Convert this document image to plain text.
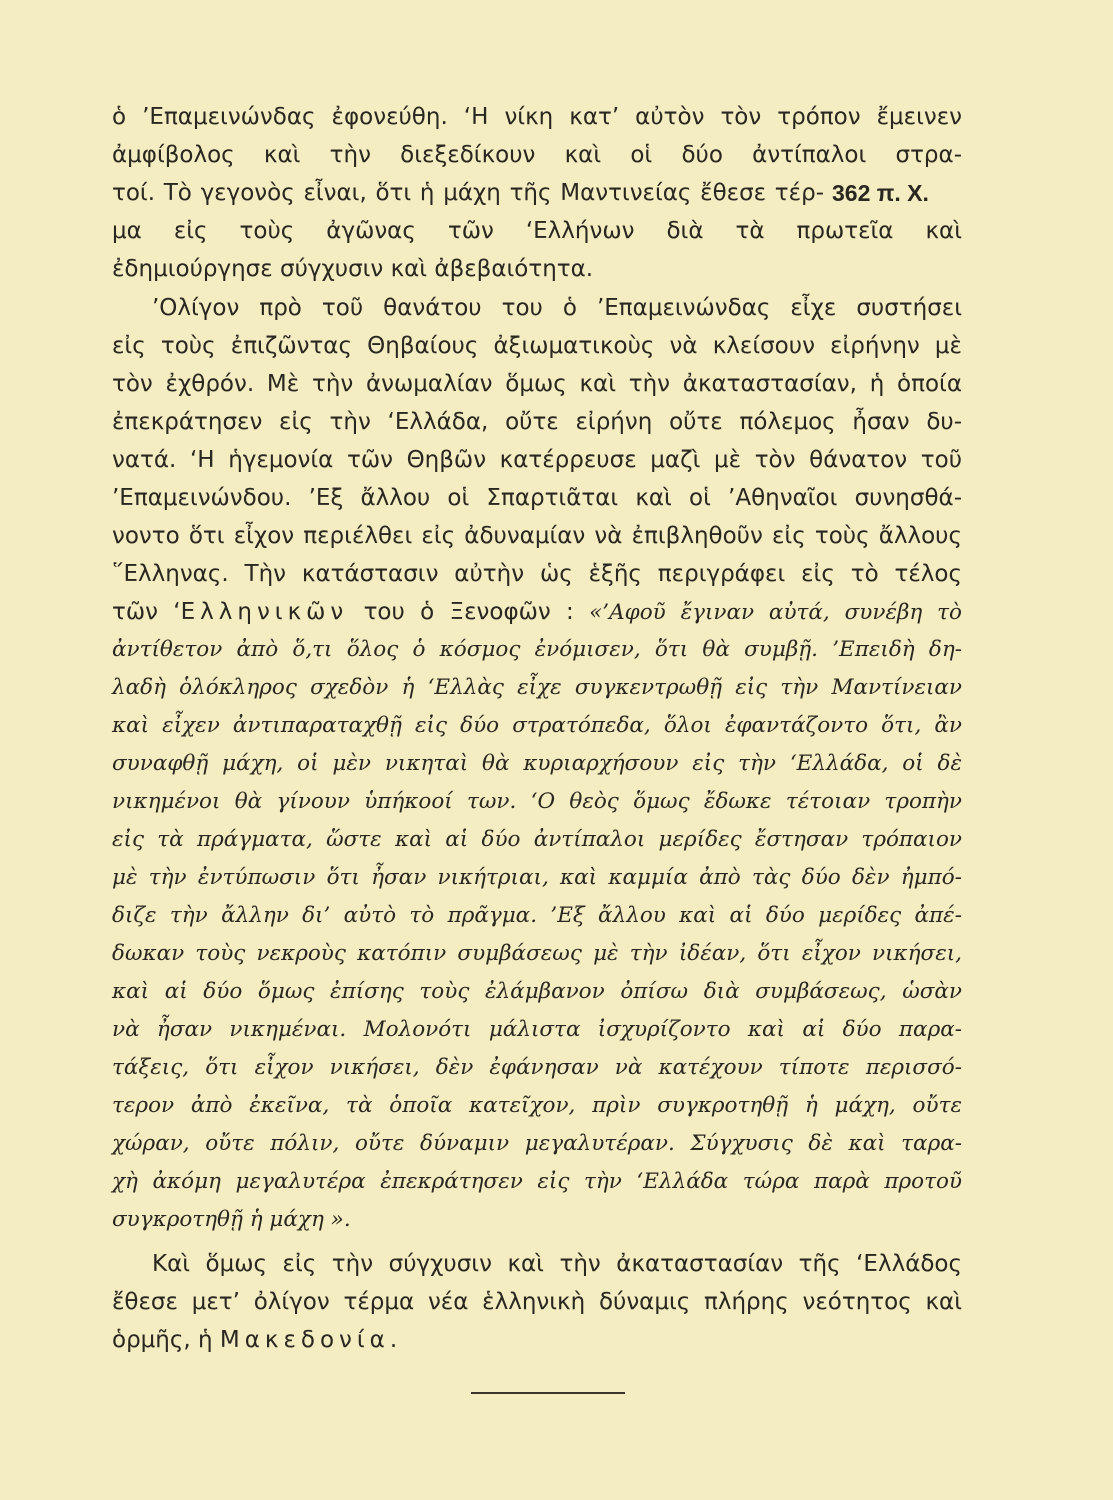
ὁ ’Επαμεινώνδας ἐφονεύθη. ‘Η νίκη κατ’ αὐτὸν τὸν τρόπον ἔμεινεν
ἀμφίβολος καὶ τὴν διεξεδίκουν καὶ οἱ δύο ἀντίπαλοι στρα-
τοί. Τὸ γεγονὸς εἶναι, ὅτι ἡ μάχη τῆς Μαντινείας ἔθεσε τέρ- 362 π. Χ.
μα εἰς τοὺς ἀγῶνας τῶν ‘Ελλήνων διὰ τὰ πρωτεῖα καὶ
ἐδημιούργησε σύγχυσιν καὶ ἀβεβαιότητα.
’Ολίγον πρὸ τοῦ θανάτου του ὁ ’Επαμεινώνδας εἶχε συστήσει
εἰς τοὺς ἐπιζῶντας Θηβαίους ἀξιωματικοὺς νὰ κλείσουν εἰρήνην μὲ
τὸν ἐχθρόν. Μὲ τὴν ἀνωμαλίαν ὅμως καὶ τὴν ἀκαταστασίαν, ἡ ὁποία
ἐπεκράτησεν εἰς τὴν ‘Ελλάδα, οὔτε εἰρήνη οὔτε πόλεμος ἦσαν δυ-
νατά. ‘Η ἡγεμονία τῶν Θηβῶν κατέρρευσε μαζὶ μὲ τὸν θάνατον τοῦ
’Επαμεινώνδου. ’Εξ ἄλλου οἱ Σπαρτιᾶται καὶ οἱ ’Αθηναῖοι συνησθά-
νοντο ὅτι εἶχον περιέλθει εἰς ἀδυναμίαν νὰ ἐπιβληθοῦν εἰς τοὺς ἄλλους
῞Ελληνας. Τὴν κατάστασιν αὐτὴν ὡς ἑξῆς περιγράφει εἰς τὸ τέλος
τῶν ‘Ελληνικῶν του ὁ Ξενοφῶν : «’Αφοῦ ἔγιναν αὐτά, συνέβη τὸ
ἀντίθετον ἀπὸ ὅ,τι ὅλος ὁ κόσμος ἐνόμισεν, ὅτι θὰ συμβῇ. ’Επειδὴ δη-
λαδὴ ὁλόκληρος σχεδὸν ἡ ‘Ελλὰς εἶχε συγκεντρωθῇ εἰς τὴν Μαντίνειαν
καὶ εἶχεν ἀντιπαραταχθῇ εἰς δύο στρατόπεδα, ὅλοι ἐφαντάζοντο ὅτι, ἂν
συναφθῇ μάχη, οἱ μὲν νικηταὶ θὰ κυριαρχήσουν εἰς τὴν ‘Ελλάδα, οἱ δὲ
νικημένοι θὰ γίνουν ὑπήκοοί των. ‘Ο θεὸς ὅμως ἔδωκε τέτοιαν τροπὴν
εἰς τὰ πράγματα, ὥστε καὶ αἱ δύο ἀντίπαλοι μερίδες ἔστησαν τρόπαιον
μὲ τὴν ἐντύπωσιν ὅτι ἦσαν νικήτριαι, καὶ καμμία ἀπὸ τὰς δύο δὲν ἠμπό-
διζε τὴν ἄλλην δι’ αὐτὸ τὸ πρᾶγμα. ’Εξ ἄλλου καὶ αἱ δύο μερίδες ἀπέ-
δωκαν τοὺς νεκροὺς κατόπιν συμβάσεως μὲ τὴν ἰδέαν, ὅτι εἶχον νικήσει,
καὶ αἱ δύο ὅμως ἐπίσης τοὺς ἐλάμβανον ὀπίσω διὰ συμβάσεως, ὡσὰν
νὰ ἦσαν νικημέναι. Μολονότι μάλιστα ἰσχυρίζοντο καὶ αἱ δύο παρα-
τάξεις, ὅτι εἶχον νικήσει, δὲν ἐφάνησαν νὰ κατέχουν τίποτε περισσό-
τερον ἀπὸ ἐκεῖνα, τὰ ὁποῖα κατεῖχον, πρὶν συγκροτηθῇ ἡ μάχη, οὔτε
χώραν, οὔτε πόλιν, οὔτε δύναμιν μεγαλυτέραν. Σύγχυσις δὲ καὶ ταρα-
χὴ ἀκόμη μεγαλυτέρα ἐπεκράτησεν εἰς τὴν ‘Ελλάδα τώρα παρὰ προτοῦ
συγκροτηθῇ ἡ μάχη ».
Καὶ ὅμως εἰς τὴν σύγχυσιν καὶ τὴν ἀκαταστασίαν τῆς ‘Ελλάδος
ἔθεσε μετ’ ὀλίγον τέρμα νέα ἑλληνικὴ δύναμις πλήρης νεότητος καὶ
ὁρμῆς, ἡ Μακεδονία.
